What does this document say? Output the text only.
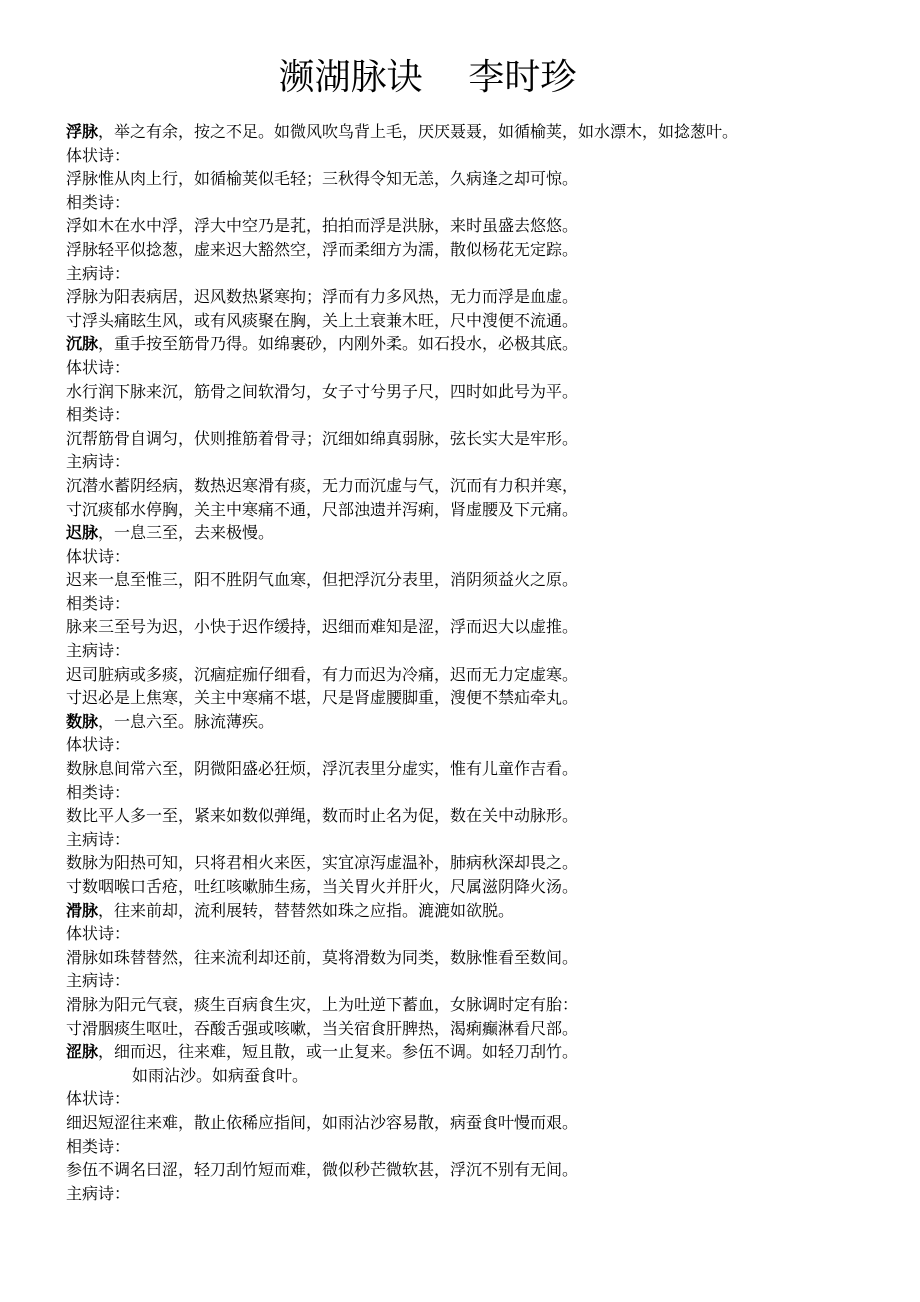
濒湖脉诀    李时珍
浮脉，举之有余，按之不足。如微风吹鸟背上毛，厌厌聂聂，如循榆荚，如水漂木，如捻葱叶。
体状诗：
浮脉惟从肉上行，如循榆荚似毛轻；三秋得令知无恙，久病逢之却可惊。
相类诗：
浮如木在水中浮，浮大中空乃是芤，拍拍而浮是洪脉，来时虽盛去悠悠。
浮脉轻平似捻葱，虚来迟大豁然空，浮而柔细方为濡，散似杨花无定踪。
主病诗：
浮脉为阳表病居，迟风数热紧寒拘；浮而有力多风热，无力而浮是血虚。
寸浮头痛眩生风，或有风痰聚在胸，关上土衰兼木旺，尺中溲便不流通。
沉脉，重手按至筋骨乃得。如绵裹砂，内刚外柔。如石投水，必极其底。
体状诗：
水行润下脉来沉，筋骨之间软滑匀，女子寸兮男子尺，四时如此号为平。
相类诗：
沉帮筋骨自调匀，伏则推筋着骨寻；沉细如绵真弱脉，弦长实大是牢形。
主病诗：
沉潜水蓄阴经病，数热迟寒滑有痰，无力而沉虚与气，沉而有力积并寒，
寸沉痰郁水停胸，关主中寒痛不通，尺部浊遗并泻痢，肾虚腰及下元痛。
迟脉，一息三至，去来极慢。
体状诗：
迟来一息至惟三，阳不胜阴气血寒，但把浮沉分表里，消阴须益火之原。
相类诗：
脉来三至号为迟，小快于迟作缓持，迟细而难知是涩，浮而迟大以虚推。
主病诗：
迟司脏病或多痰，沉痼症痂仔细看，有力而迟为冷痛，迟而无力定虚寒。
寸迟必是上焦寒，关主中寒痛不堪，尺是肾虚腰脚重，溲便不禁疝牵丸。
数脉，一息六至。脉流薄疾。
体状诗：
数脉息间常六至，阴微阳盛必狂烦，浮沉表里分虚实，惟有儿童作吉看。
相类诗：
数比平人多一至，紧来如数似弹绳，数而时止名为促，数在关中动脉形。
主病诗：
数脉为阳热可知，只将君相火来医，实宜凉泻虚温补，肺病秋深却畏之。
寸数咽喉口舌疮，吐红咳嗽肺生疡，当关胃火并肝火，尺属滋阴降火汤。
滑脉，往来前却，流利展转，替替然如珠之应指。漉漉如欲脱。
体状诗：
滑脉如珠替替然，往来流利却还前，莫将滑数为同类，数脉惟看至数间。
主病诗：
滑脉为阳元气衰，痰生百病食生灾，上为吐逆下蓄血，女脉调时定有胎：
寸滑胭痰生呕吐，吞酸舌强或咳嗽，当关宿食肝脾热，渴痢癫淋看尺部。
涩脉，细而迟，往来难，短且散，或一止复来。参伍不调。如轻刀刮竹。
如雨沾沙。如病蚕食叶。
体状诗：
细迟短涩往来难，散止依稀应指间，如雨沾沙容易散，病蚕食叶慢而艰。
相类诗：
参伍不调名曰涩，轻刀刮竹短而难，微似秒芒微软甚，浮沉不别有无间。
主病诗：
